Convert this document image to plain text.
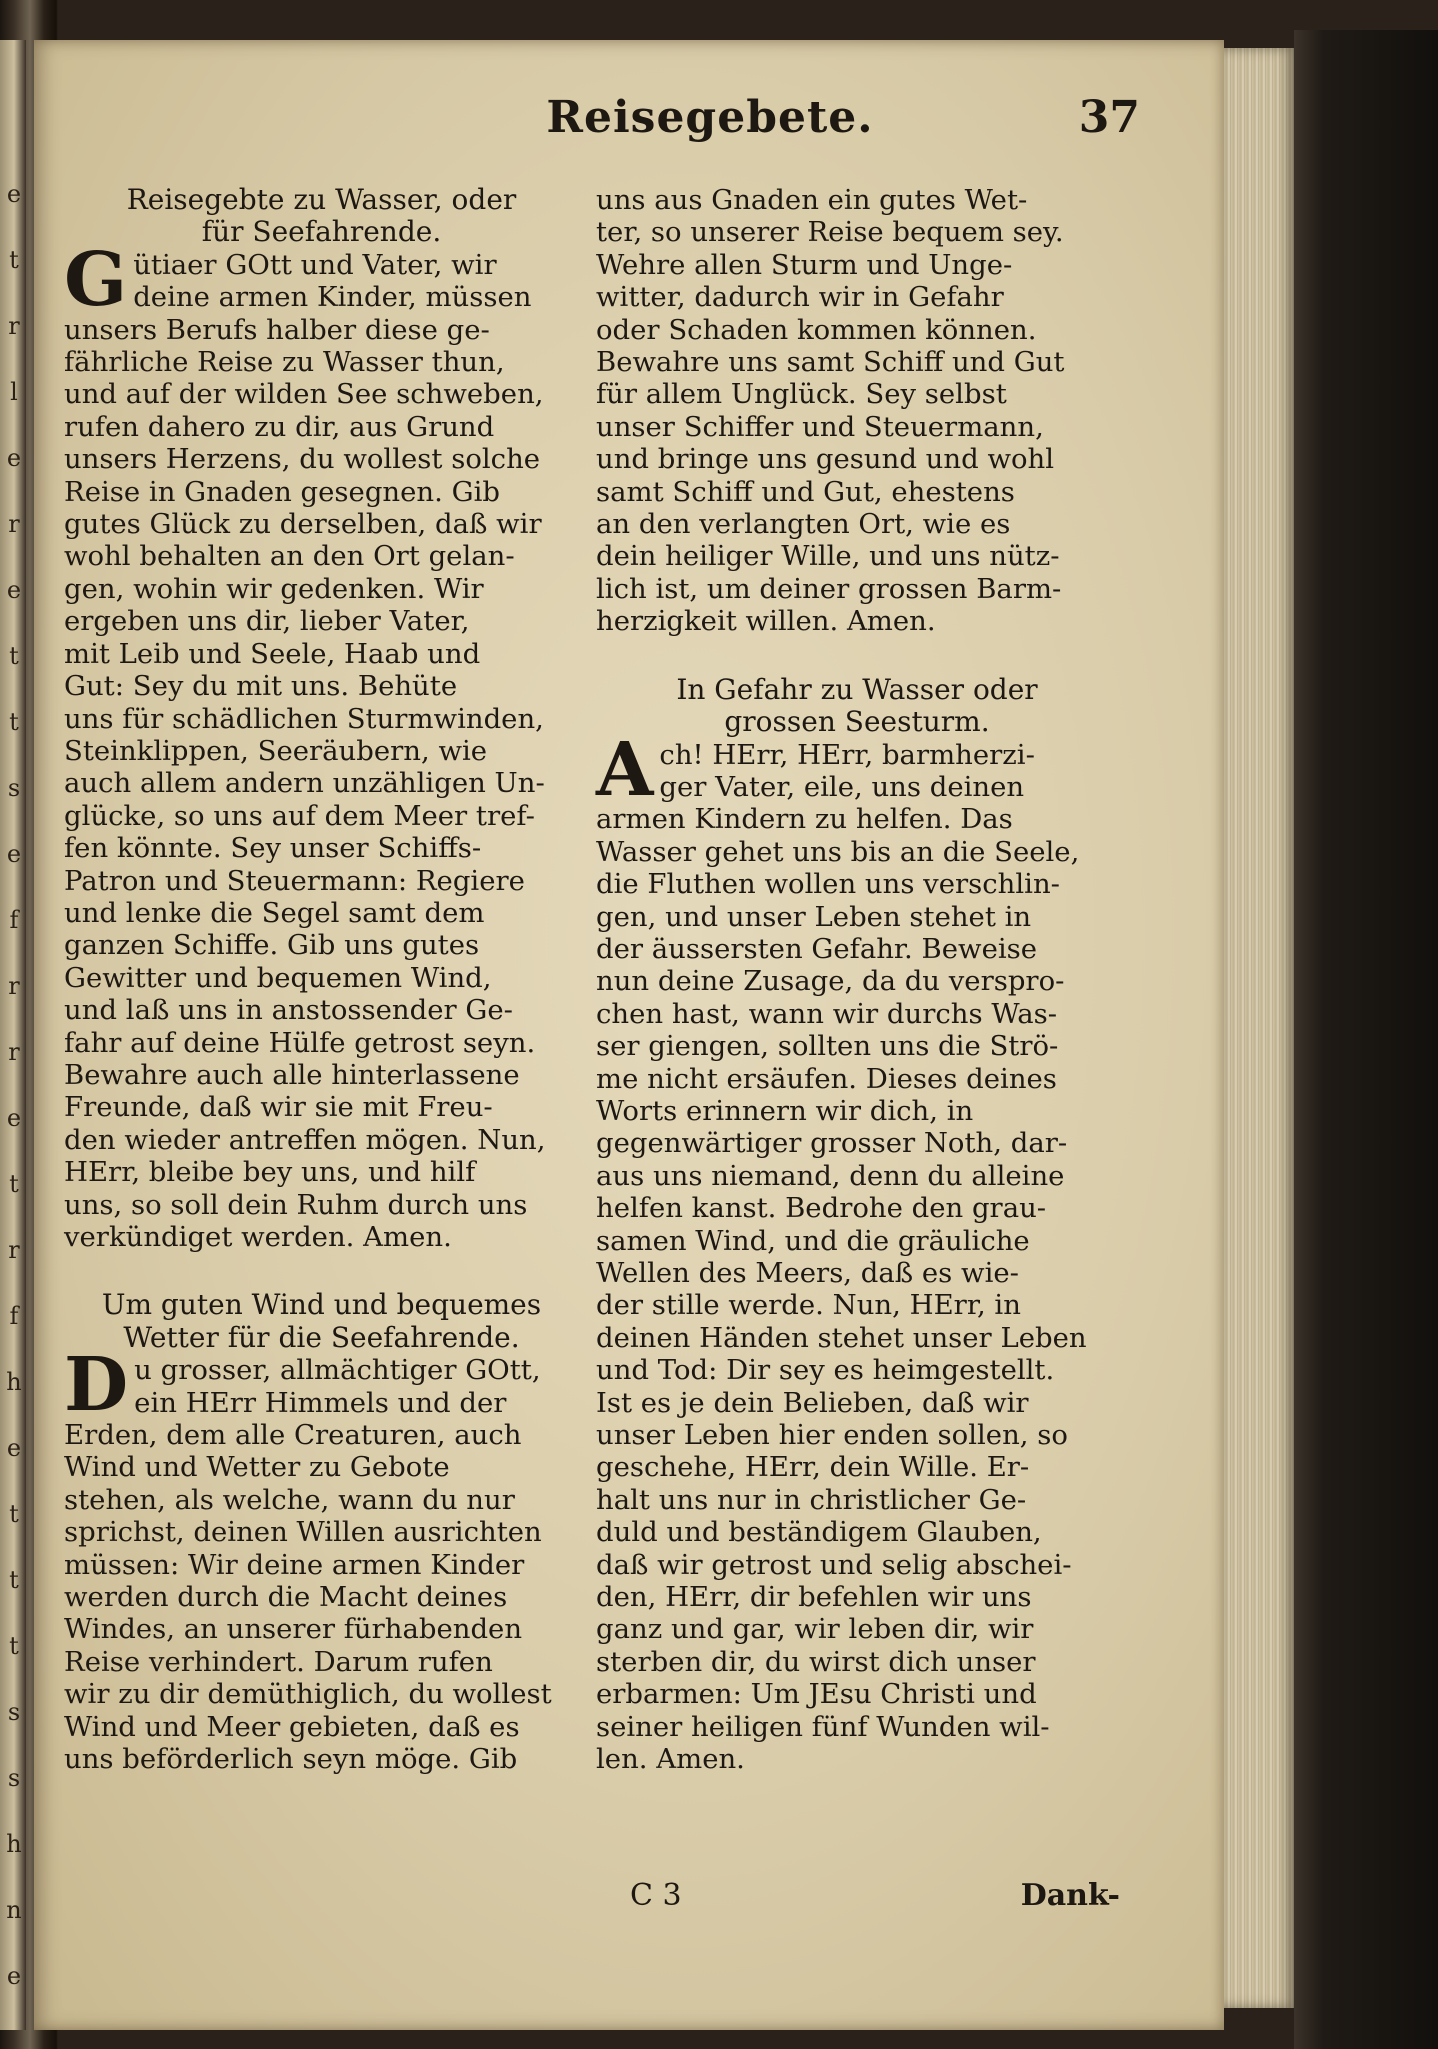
e
t
r
l
e
r
e
t
t
s
e
f
r
r
e
t
r
f
h
e
t
t
t
s
s
h
n
e
Reisegebete.	37
Reisegebte zu Wasser, oder
für Seefahrende.
G ütiaer GOtt und Vater, wir
deine armen Kinder, müssen
unsers Berufs halber diese ge-
fährliche Reise zu Wasser thun,
und auf der wilden See schweben,
rufen dahero zu dir, aus Grund
unsers Herzens, du wollest solche
Reise in Gnaden gesegnen. Gib
gutes Glück zu derselben, daß wir
wohl behalten an den Ort gelan-
gen, wohin wir gedenken. Wir
ergeben uns dir, lieber Vater,
mit Leib und Seele, Haab und
Gut: Sey du mit uns. Behüte
uns für schädlichen Sturmwinden,
Steinklippen, Seeräubern, wie
auch allem andern unzähligen Un-
glücke, so uns auf dem Meer tref-
fen könnte. Sey unser Schiffs-
Patron und Steuermann: Regiere
und lenke die Segel samt dem
ganzen Schiffe. Gib uns gutes
Gewitter und bequemen Wind,
und laß uns in anstossender Ge-
fahr auf deine Hülfe getrost seyn.
Bewahre auch alle hinterlassene
Freunde, daß wir sie mit Freu-
den wieder antreffen mögen. Nun,
HErr, bleibe bey uns, und hilf
uns, so soll dein Ruhm durch uns
verkündiget werden. Amen.
Um guten Wind und bequemes
Wetter für die Seefahrende.
D u grosser, allmächtiger GOtt,
ein HErr Himmels und der
Erden, dem alle Creaturen, auch
Wind und Wetter zu Gebote
stehen, als welche, wann du nur
sprichst, deinen Willen ausrichten
müssen: Wir deine armen Kinder
werden durch die Macht deines
Windes, an unserer fürhabenden
Reise verhindert. Darum rufen
wir zu dir demüthiglich, du wollest
Wind und Meer gebieten, daß es
uns beförderlich seyn möge. Gib
uns aus Gnaden ein gutes Wet-
ter, so unserer Reise bequem sey.
Wehre allen Sturm und Unge-
witter, dadurch wir in Gefahr
oder Schaden kommen können.
Bewahre uns samt Schiff und Gut
für allem Unglück. Sey selbst
unser Schiffer und Steuermann,
und bringe uns gesund und wohl
samt Schiff und Gut, ehestens
an den verlangten Ort, wie es
dein heiliger Wille, und uns nütz-
lich ist, um deiner grossen Barm-
herzigkeit willen. Amen.
In Gefahr zu Wasser oder
grossen Seesturm.
A ch! HErr, HErr, barmherzi-
ger Vater, eile, uns deinen
armen Kindern zu helfen. Das
Wasser gehet uns bis an die Seele,
die Fluthen wollen uns verschlin-
gen, und unser Leben stehet in
der äussersten Gefahr. Beweise
nun deine Zusage, da du verspro-
chen hast, wann wir durchs Was-
ser giengen, sollten uns die Strö-
me nicht ersäufen. Dieses deines
Worts erinnern wir dich, in
gegenwärtiger grosser Noth, dar-
aus uns niemand, denn du alleine
helfen kanst. Bedrohe den grau-
samen Wind, und die gräuliche
Wellen des Meers, daß es wie-
der stille werde. Nun, HErr, in
deinen Händen stehet unser Leben
und Tod: Dir sey es heimgestellt.
Ist es je dein Belieben, daß wir
unser Leben hier enden sollen, so
geschehe, HErr, dein Wille. Er-
halt uns nur in christlicher Ge-
duld und beständigem Glauben,
daß wir getrost und selig abschei-
den, HErr, dir befehlen wir uns
ganz und gar, wir leben dir, wir
sterben dir, du wirst dich unser
erbarmen: Um JEsu Christi und
seiner heiligen fünf Wunden wil-
len. Amen.
C 3	Dank-
